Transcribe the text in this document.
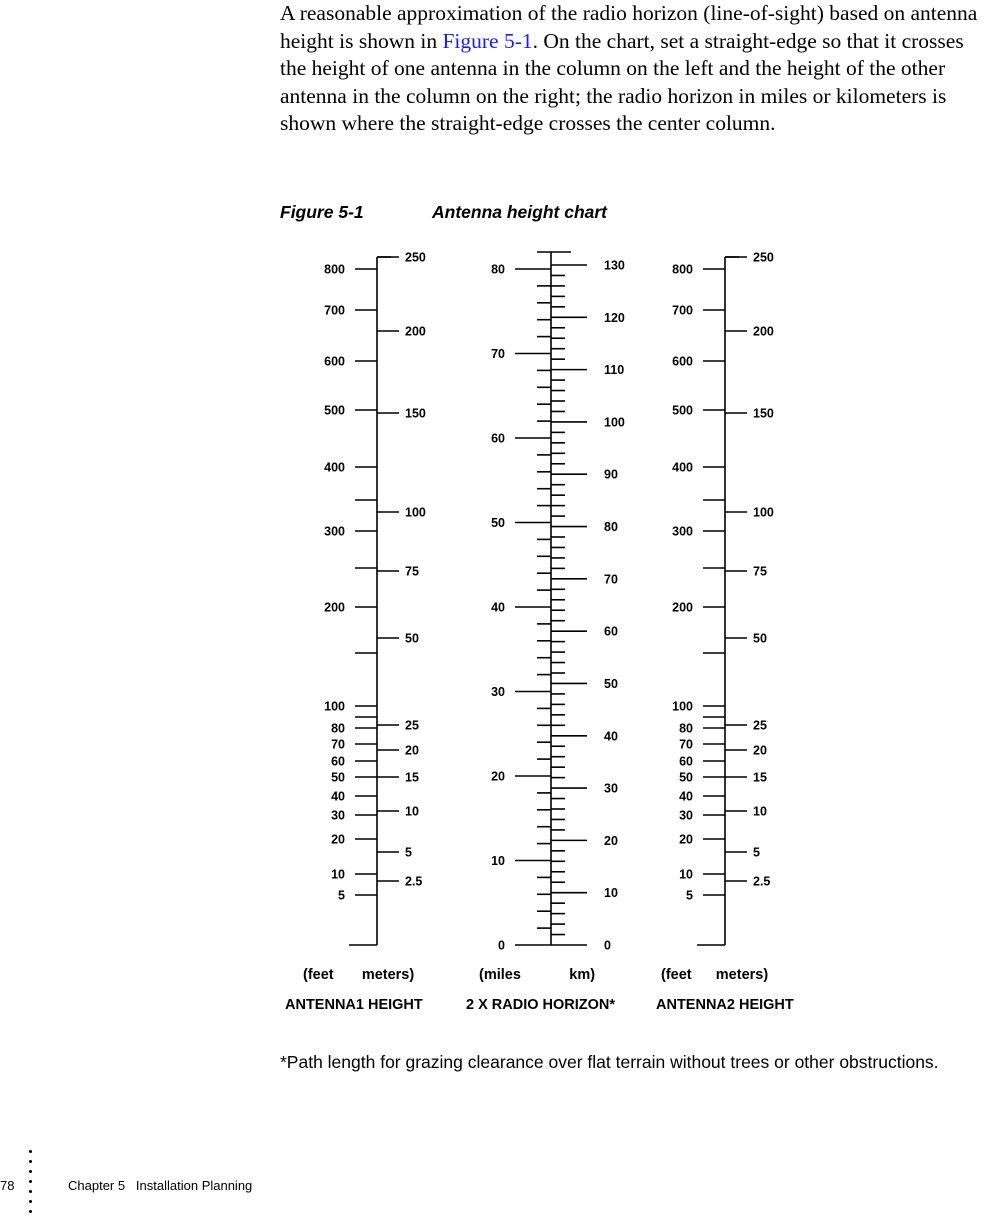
A reasonable approximation of the radio horizon (line-of-sight) based on antenna height is shown in Figure 5-1. On the chart, set a straight-edge so that it crosses the height of one antenna in the column on the left and the height of the other antenna in the column on the right; the radio horizon in miles or kilometers is shown where the straight-edge crosses the center column.

Figure 5-1	Antenna height chart
800
700
600
500
400
300
200
100
80
70
60
50
40
30
20
10
5
250
200
150
100
75
50
25
20
15
10
5
2.5
800
700
600
500
400
300
200
100
80
70
60
50
40
30
20
10
5
250
200
150
100
75
50
25
20
15
10
5
2.5
80
70
60
50
40
30
20
10
0
130
120
110
100
90
80
70
60
50
40
30
20
10
0
(feet       meters)	(miles            km)	(feet      meters)
ANTENNA1 HEIGHT	2 X RADIO HORIZON*	ANTENNA2 HEIGHT

*Path length for grazing clearance over flat terrain without trees or other obstructions.

78	Chapter 5   Installation Planning
